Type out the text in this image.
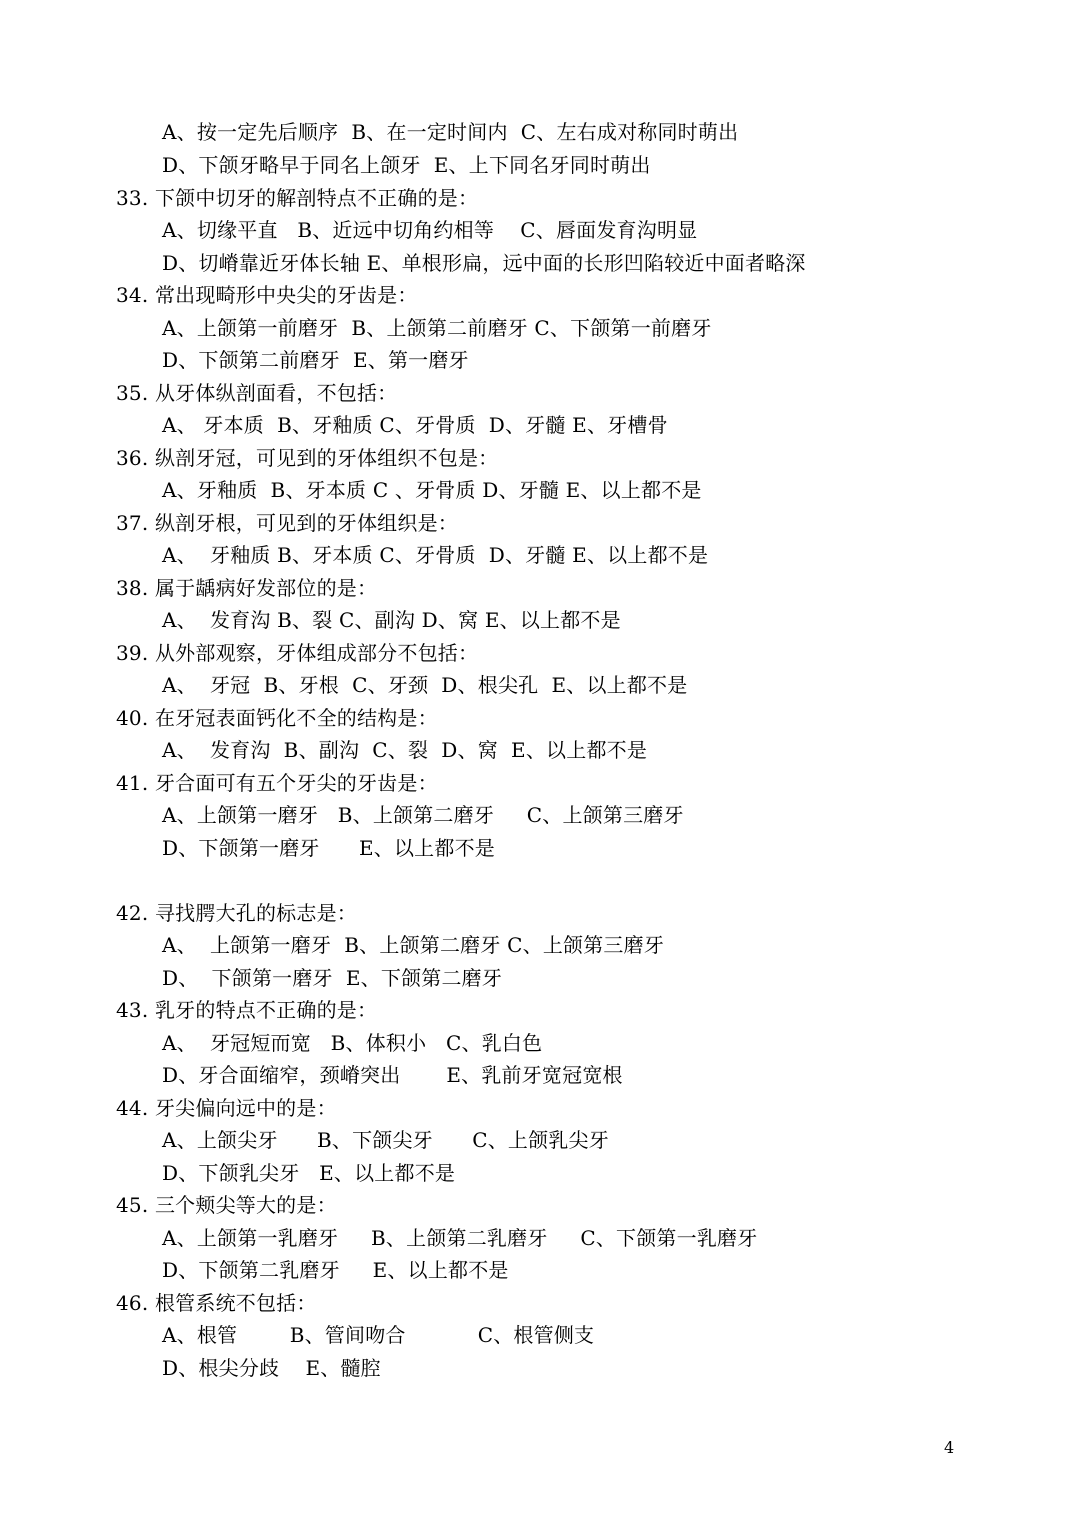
A、按一定先后顺序  B、在一定时间内  C、左右成对称同时萌出
D、下颌牙略早于同名上颌牙  E、上下同名牙同时萌出
33. 下颌中切牙的解剖特点不正确的是：
A、切缘平直   B、近远中切角约相等    C、唇面发育沟明显
D、切嵴靠近牙体长轴 E、单根形扁，远中面的长形凹陷较近中面者略深
34. 常出现畸形中央尖的牙齿是：
A、上颌第一前磨牙  B、上颌第二前磨牙 C、下颌第一前磨牙
D、下颌第二前磨牙  E、第一磨牙
35. 从牙体纵剖面看，不包括：
A、 牙本质  B、牙釉质 C、牙骨质  D、牙髓 E、牙槽骨
36. 纵剖牙冠，可见到的牙体组织不包是：
A、牙釉质  B、牙本质 C 、牙骨质 D、牙髓 E、以上都不是
37. 纵剖牙根，可见到的牙体组织是：
A、  牙釉质 B、牙本质 C、牙骨质  D、牙髓 E、以上都不是
38. 属于龋病好发部位的是：
A、  发育沟 B、裂 C、副沟 D、窝 E、以上都不是
39. 从外部观察，牙体组成部分不包括：
A、  牙冠  B、牙根  C、牙颈  D、根尖孔  E、以上都不是
40. 在牙冠表面钙化不全的结构是：
A、  发育沟  B、副沟  C、裂  D、窝  E、以上都不是
41. 牙合面可有五个牙尖的牙齿是：
A、上颌第一磨牙   B、上颌第二磨牙     C、上颌第三磨牙
D、下颌第一磨牙      E、以上都不是
42. 寻找腭大孔的标志是：
A、  上颌第一磨牙  B、上颌第二磨牙 C、上颌第三磨牙
D、  下颌第一磨牙  E、下颌第二磨牙
43. 乳牙的特点不正确的是：
A、  牙冠短而宽   B、体积小   C、乳白色
D、牙合面缩窄，颈嵴突出       E、乳前牙宽冠宽根
44. 牙尖偏向远中的是：
A、上颌尖牙      B、下颌尖牙      C、上颌乳尖牙
D、下颌乳尖牙   E、以上都不是
45. 三个颊尖等大的是：
A、上颌第一乳磨牙     B、上颌第二乳磨牙     C、下颌第一乳磨牙
D、下颌第二乳磨牙     E、以上都不是
46. 根管系统不包括：
A、根管        B、管间吻合           C、根管侧支
D、根尖分歧    E、髓腔
4
